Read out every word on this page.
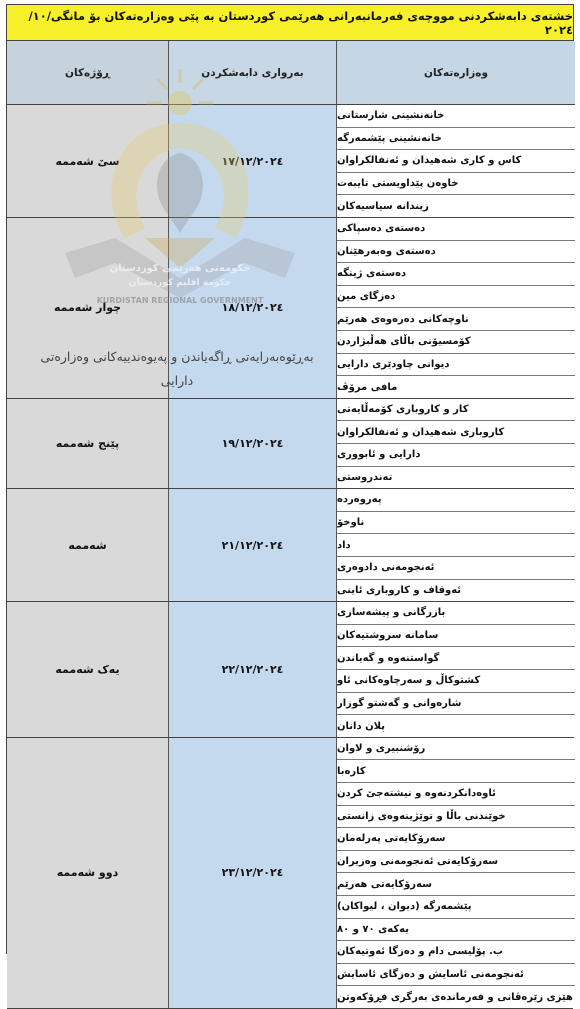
خشتەی دابەشکردنی مووچەی فەرمانبەرانی هەرێمی کوردستان بە پێی وەزارەتەکان بۆ مانگی/١٠/ ٢٠٢٤
ڕۆژەکان	بەرواری دابەشکردن	وەزارەتەکان
سێ شەممە	١٧/١٢/٢٠٢٤
خانەنشینی شارستانی
خانەنشینی پێشمەرگە
کاس و کاری شەهیدان و ئەنفالکراوان
خاوەن پێداویستی تایبەت
زیندانە سیاسیەکان
چوار شەممە	١٨/١٢/٢٠٢٤
دەستەی دەسپاکی
دەستەی وەبەرهێنان
دەستەی ژینگە
دەزگای مین
ناوچەکانی دەرەوەی هەرێم
کۆمسیۆنی باڵای هەڵبژاردن
دیوانی چاودێری دارایی
مافی مرۆڤ
پێنج شەممە	١٩/١٢/٢٠٢٤
کار و کاروباری کۆمەڵایەتی
کاروباری شەهیدان و ئەنفالکراوان
دارایی و ئابووری
تەندروستی
شەممە	٢١/١٢/٢٠٢٤
پەروەردە
ناوخۆ
داد
ئەنجومەنی دادوەری
ئەوقاف و کاروباری ئاینی
یەک شەممە	٢٢/١٢/٢٠٢٤
بازرگانی و پیشەسازی
سامانە سروشتیەکان
گواستنەوە و گەیاندن
کشتوکاڵ و سەرچاوەکانی ئاو
شارەوانی و گەشتو گوزار
پلان دانان
دوو شەممە	٢٣/١٢/٢٠٢٤
رۆشنبیری و لاوان
کارەبا
ئاوەدانکردنەوە و نیشتەجێ کردن
خوێندنی باڵا و توێژینەوەی زانستی
سەرۆکایەتی پەرلەمان
سەرۆکایەتی ئەنجومەنی وەزیران
سەرۆکایەتی هەرێم
پێشمەرگە (دیوان ، لیواکان)
یەکەی ٧٠ و ٨٠
ب. پۆلیسی دام و دەزگا ئەوتیەکان
ئەنجومەنی ئاسایش و دەزگای ئاسایش
هێزی زێرەڤانی و فەرماندەی بەرگری فڕۆکەوتن
حکومەتی هەرێمی کوردستان
حکومة اقليم كوردستان
KURDISTAN REGIONAL GOVERNMENT
بەڕێوەبەرایەتی ڕاگەیاندن و پەیوەندییەکانی وەزارەتی دارایی
